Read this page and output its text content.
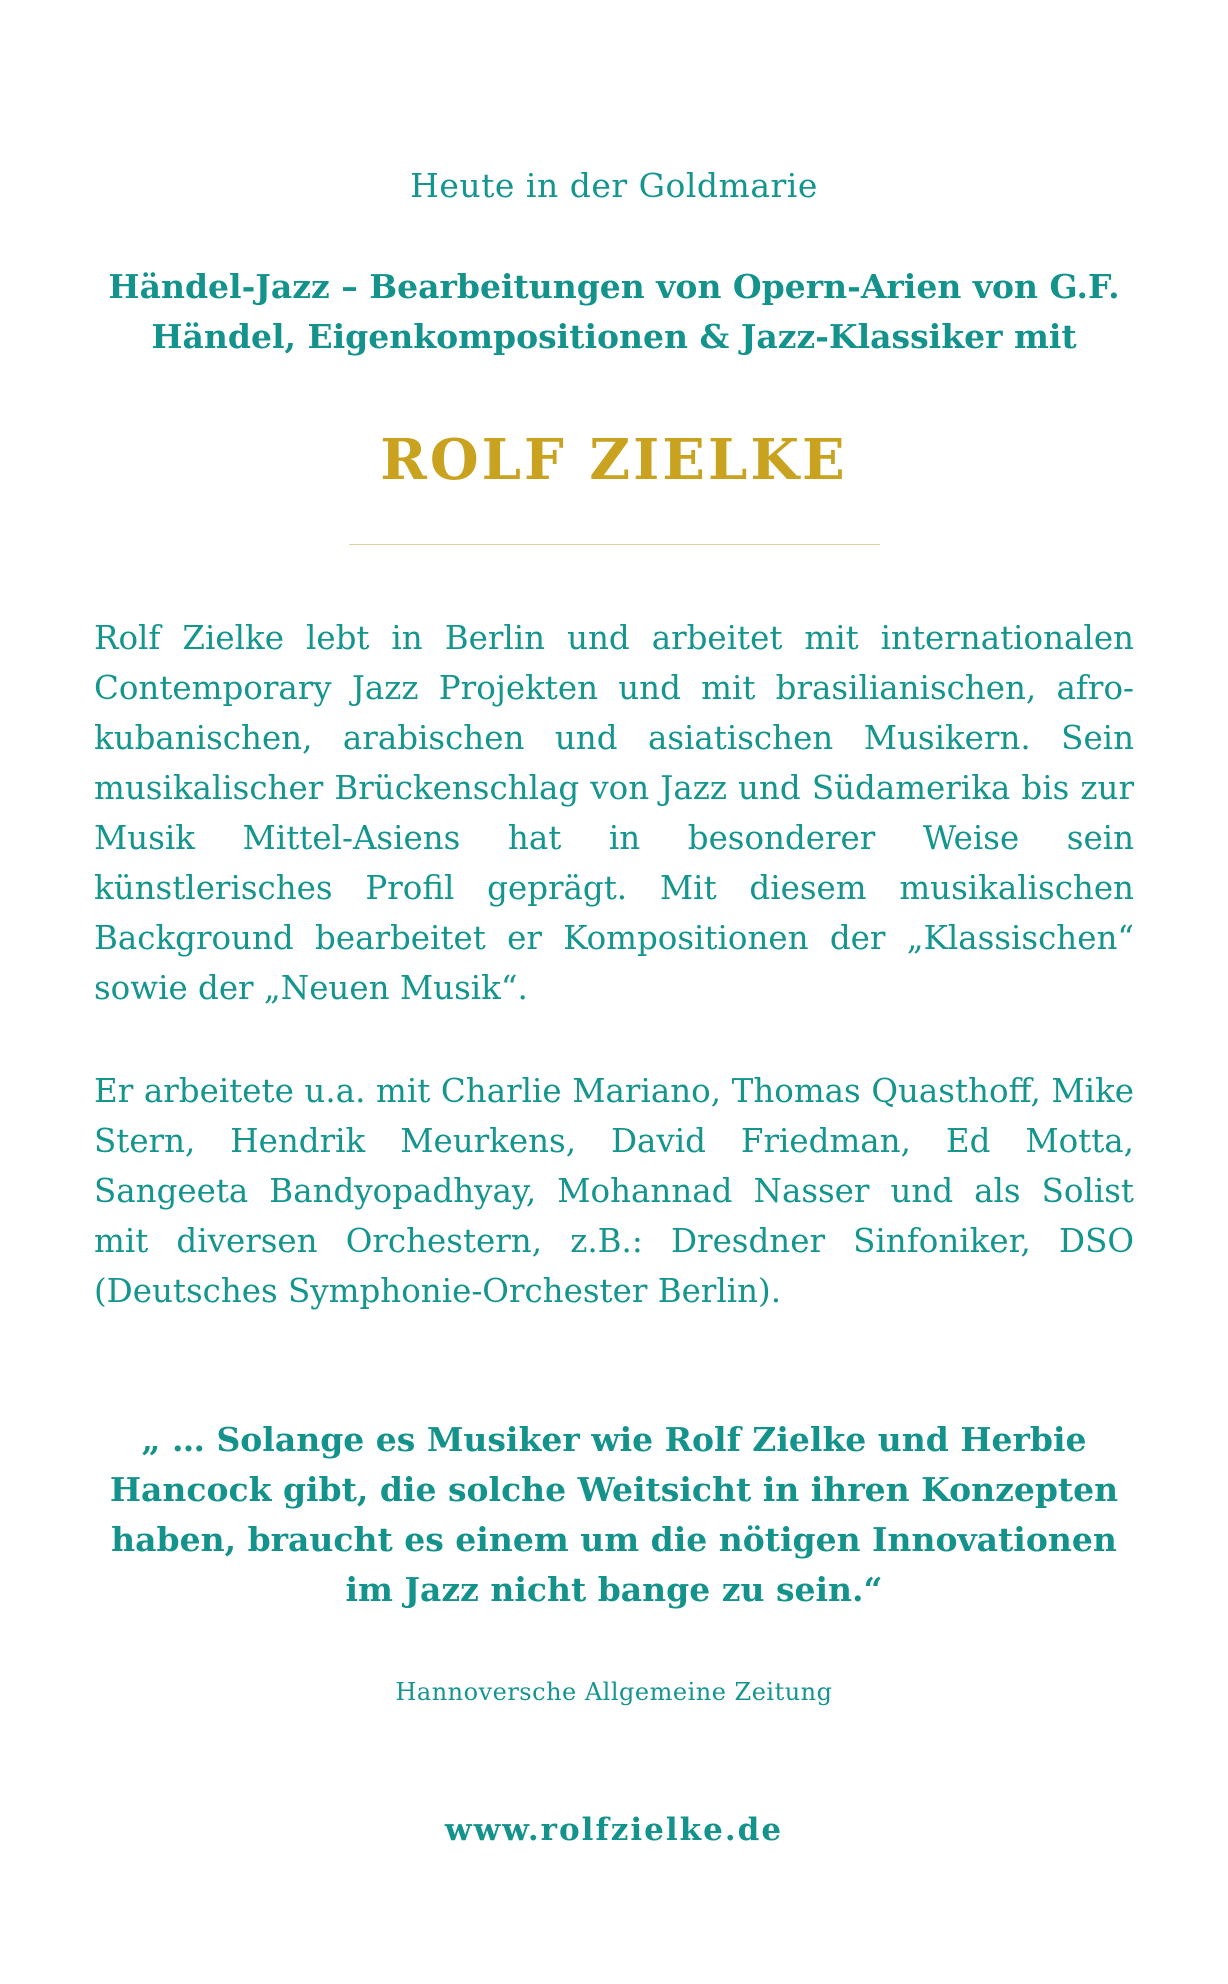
Heute in der Goldmarie
Händel-Jazz – Bearbeitungen von Opern-Arien von G.F. Händel, Eigenkompositionen & Jazz-Klassiker mit
ROLF ZIELKE

Rolf Zielke lebt in Berlin und arbeitet mit internationalen Contemporary Jazz Projekten und mit brasilianischen, afro-kubanischen, arabischen und asiatischen Musikern. Sein musikalischer Brückenschlag von Jazz und Südamerika bis zur Musik Mittel-Asiens hat in besonderer Weise sein künstlerisches Profil geprägt. Mit diesem musikalischen Background bearbeitet er Kompositionen der „Klassischen“ sowie der „Neuen Musik“.

Er arbeitete u.a. mit Charlie Mariano, Thomas Quasthoff, Mike Stern, Hendrik Meurkens, David Friedman, Ed Motta, Sangeeta Bandyopadhyay, Mohannad Nasser und als Solist mit diversen Orchestern, z.B.: Dresdner Sinfoniker, DSO (Deutsches Symphonie-Orchester Berlin).

„ … Solange es Musiker wie Rolf Zielke und Herbie Hancock gibt, die solche Weitsicht in ihren Konzepten haben, braucht es einem um die nötigen Innovationen im Jazz nicht bange zu sein.“
Hannoversche Allgemeine Zeitung
www.rolfzielke.de
